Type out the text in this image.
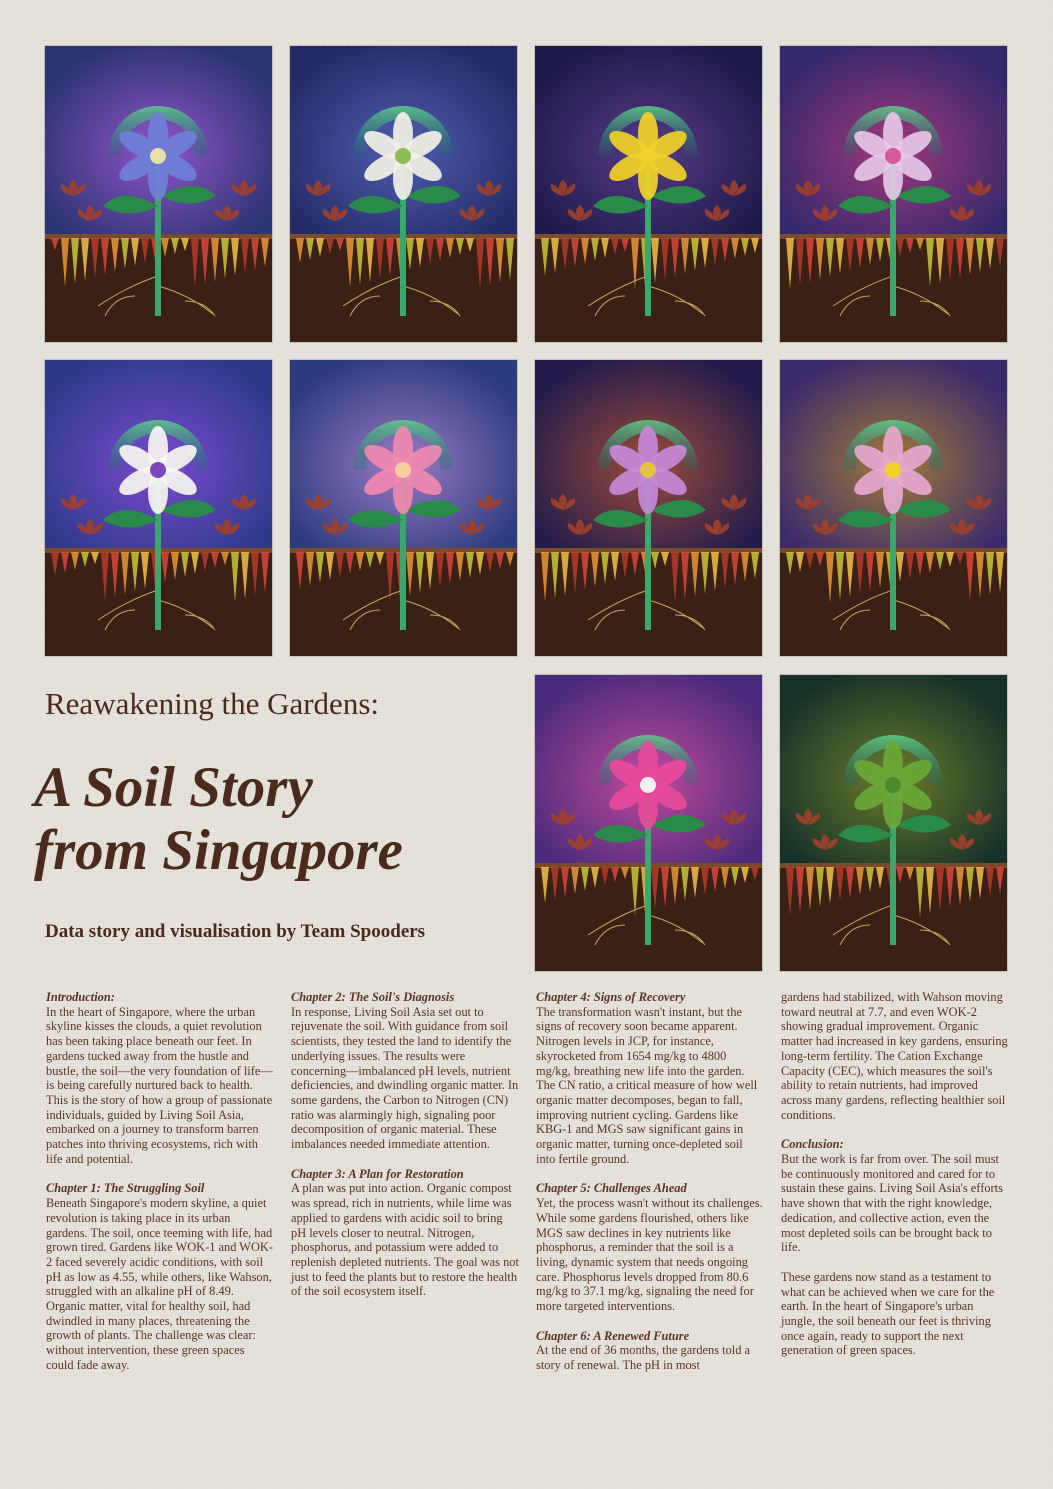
Reawakening the Gardens:
A Soil Story
from Singapore
Data story and visualisation by Team Spooders
Introduction:

In the heart of Singapore, where the urban skyline kisses the clouds, a quiet revolution has been taking place beneath our feet. In gardens tucked away from the hustle and bustle, the soil—the very foundation of life—is being carefully nurtured back to health. This is the story of how a group of passionate individuals, guided by Living Soil Asia, embarked on a journey to transform barren patches into thriving ecosystems, rich with life and potential.

Chapter 1: The Struggling Soil

Beneath Singapore's modern skyline, a quiet revolution is taking place in its urban gardens. The soil, once teeming with life, had grown tired. Gardens like WOK-1 and WOK-2 faced severely acidic conditions, with soil pH as low as 4.55, while others, like Wahson, struggled with an alkaline pH of 8.49. Organic matter, vital for healthy soil, had dwindled in many places, threatening the growth of plants. The challenge was clear: without intervention, these green spaces could fade away.

Chapter 2: The Soil's Diagnosis

In response, Living Soil Asia set out to rejuvenate the soil. With guidance from soil scientists, they tested the land to identify the underlying issues. The results were concerning—imbalanced pH levels, nutrient deficiencies, and dwindling organic matter. In some gardens, the Carbon to Nitrogen (CN) ratio was alarmingly high, signaling poor decomposition of organic material. These imbalances needed immediate attention.

Chapter 3: A Plan for Restoration

A plan was put into action. Organic compost was spread, rich in nutrients, while lime was applied to gardens with acidic soil to bring pH levels closer to neutral. Nitrogen, phosphorus, and potassium were added to replenish depleted nutrients. The goal was not just to feed the plants but to restore the health of the soil ecosystem itself.

Chapter 4: Signs of Recovery

The transformation wasn't instant, but the signs of recovery soon became apparent. Nitrogen levels in JCP, for instance, skyrocketed from 1654 mg/kg to 4800 mg/kg, breathing new life into the garden. The CN ratio, a critical measure of how well organic matter decomposes, began to fall, improving nutrient cycling. Gardens like KBG-1 and MGS saw significant gains in organic matter, turning once-depleted soil into fertile ground.

Chapter 5: Challenges Ahead

Yet, the process wasn't without its challenges. While some gardens flourished, others like MGS saw declines in key nutrients like phosphorus, a reminder that the soil is a living, dynamic system that needs ongoing care. Phosphorus levels dropped from 80.6 mg/kg to 37.1 mg/kg, signaling the need for more targeted interventions.

Chapter 6: A Renewed Future

At the end of 36 months, the gardens told a story of renewal. The pH in most

gardens had stabilized, with Wahson moving toward neutral at 7.7, and even WOK-2 showing gradual improvement. Organic matter had increased in key gardens, ensuring long-term fertility. The Cation Exchange Capacity (CEC), which measures the soil's ability to retain nutrients, had improved across many gardens, reflecting healthier soil conditions.

Conclusion:

But the work is far from over. The soil must be continuously monitored and cared for to sustain these gains. Living Soil Asia's efforts have shown that with the right knowledge, dedication, and collective action, even the most depleted soils can be brought back to life.

These gardens now stand as a testament to what can be achieved when we care for the earth. In the heart of Singapore's urban jungle, the soil beneath our feet is thriving once again, ready to support the next generation of green spaces.
